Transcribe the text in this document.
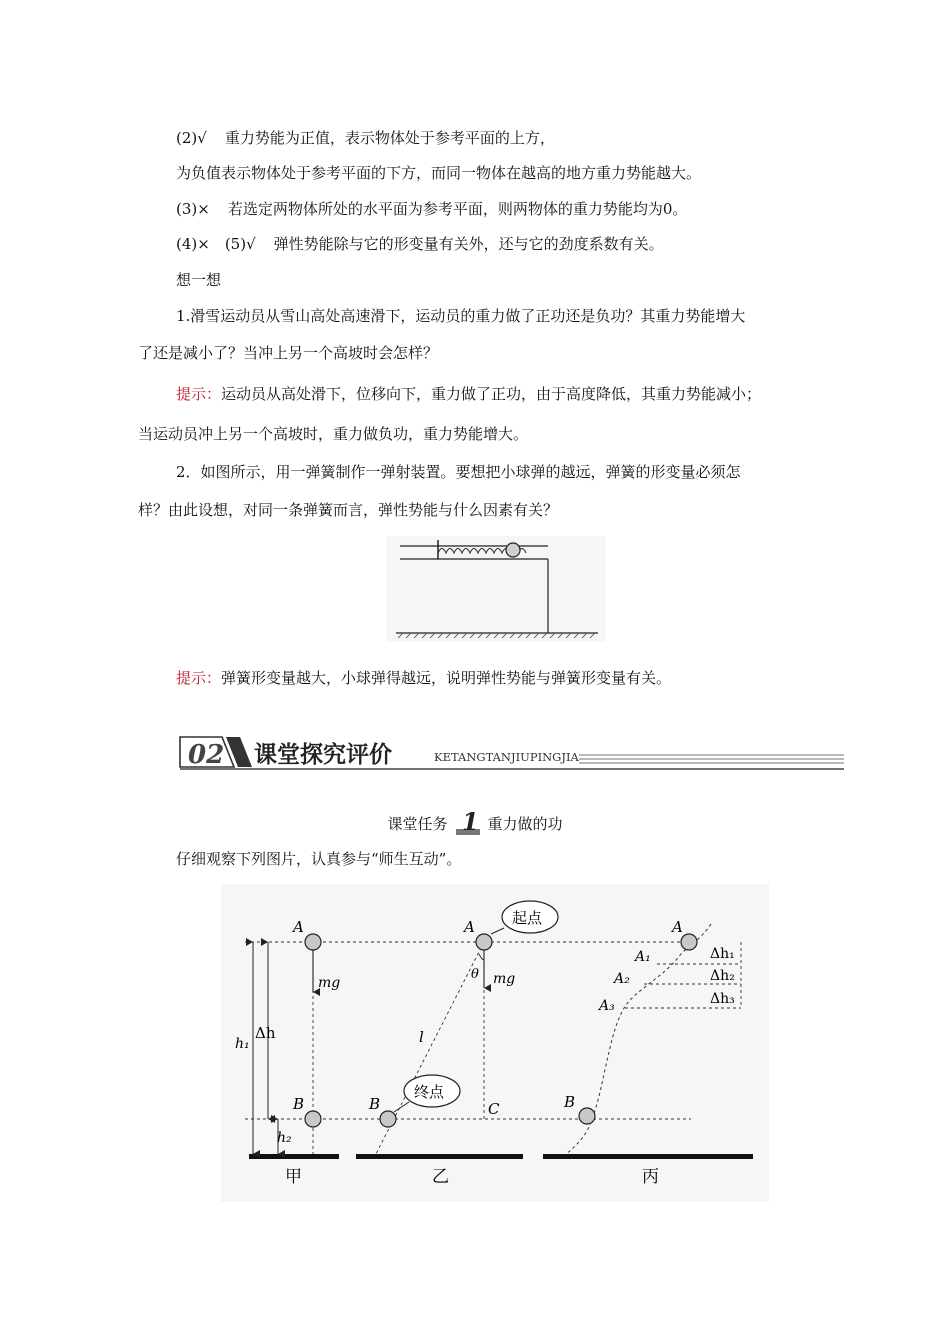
(2)√ 重力势能为正值，表示物体处于参考平面的上方，
为负值表示物体处于参考平面的下方，而同一物体在越高的地方重力势能越大。
(3)× 若选定两物体所处的水平面为参考平面，则两物体的重力势能均为0。
(4)×　(5)√ 弹性势能除与它的形变量有关外，还与它的劲度系数有关。
想一想
1.滑雪运动员从雪山高处高速滑下，运动员的重力做了正功还是负功？其重力势能增大
了还是减小了？当冲上另一个高坡时会怎样？
提示：运动员从高处滑下，位移向下，重力做了正功，由于高度降低，其重力势能减小；
当运动员冲上另一个高坡时，重力做负功，重力势能增大。
2．如图所示，用一弹簧制作一弹射装置。要想把小球弹的越远，弹簧的形变量必须怎
样？由此设想，对同一条弹簧而言，弹性势能与什么因素有关？
提示：弹簧形变量越大，小球弹得越远，说明弹性势能与弹簧形变量有关。
02 课堂探究评价	KETANGTANJIUPINGJIA
课堂任务 1 重力做的功
仔细观察下列图片，认真参与“师生互动”。
A
B
mg
Δh
h₁
h₂
甲
A
B	C
mg
θ
l
起点
终点
乙
A
B
A₁
A₂
A₃
Δh₁
Δh₂
Δh₃
丙
